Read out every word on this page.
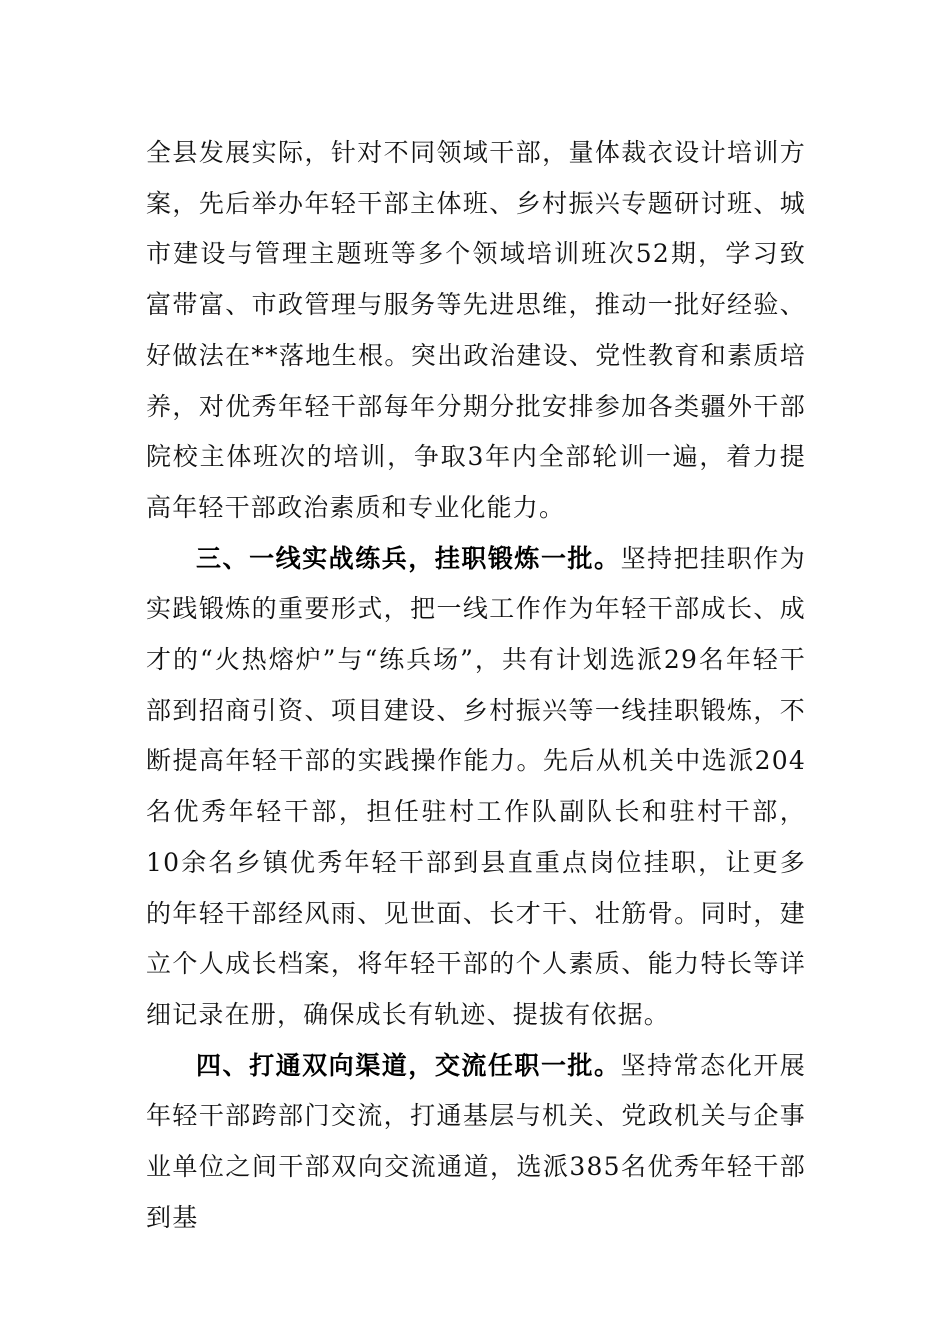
全县发展实际，针对不同领域干部，量体裁衣设计培训方案，先后举办年轻干部主体班、乡村振兴专题研讨班、城市建设与管理主题班等多个领域培训班次52期，学习致富带富、市政管理与服务等先进思维，推动一批好经验、好做法在**落地生根。突出政治建设、党性教育和素质培养，对优秀年轻干部每年分期分批安排参加各类疆外干部院校主体班次的培训，争取3年内全部轮训一遍，着力提高年轻干部政治素质和专业化能力。

三、一线实战练兵，挂职锻炼一批。坚持把挂职作为实践锻炼的重要形式，把一线工作作为年轻干部成长、成才的“火热熔炉”与“练兵场”，共有计划选派29名年轻干部到招商引资、项目建设、乡村振兴等一线挂职锻炼，不断提高年轻干部的实践操作能力。先后从机关中选派204名优秀年轻干部，担任驻村工作队副队长和驻村干部，10余名乡镇优秀年轻干部到县直重点岗位挂职，让更多的年轻干部经风雨、见世面、长才干、壮筋骨。同时，建立个人成长档案，将年轻干部的个人素质、能力特长等详细记录在册，确保成长有轨迹、提拔有依据。

四、打通双向渠道，交流任职一批。坚持常态化开展年轻干部跨部门交流，打通基层与机关、党政机关与企事业单位之间干部双向交流通道，选派385名优秀年轻干部到基
